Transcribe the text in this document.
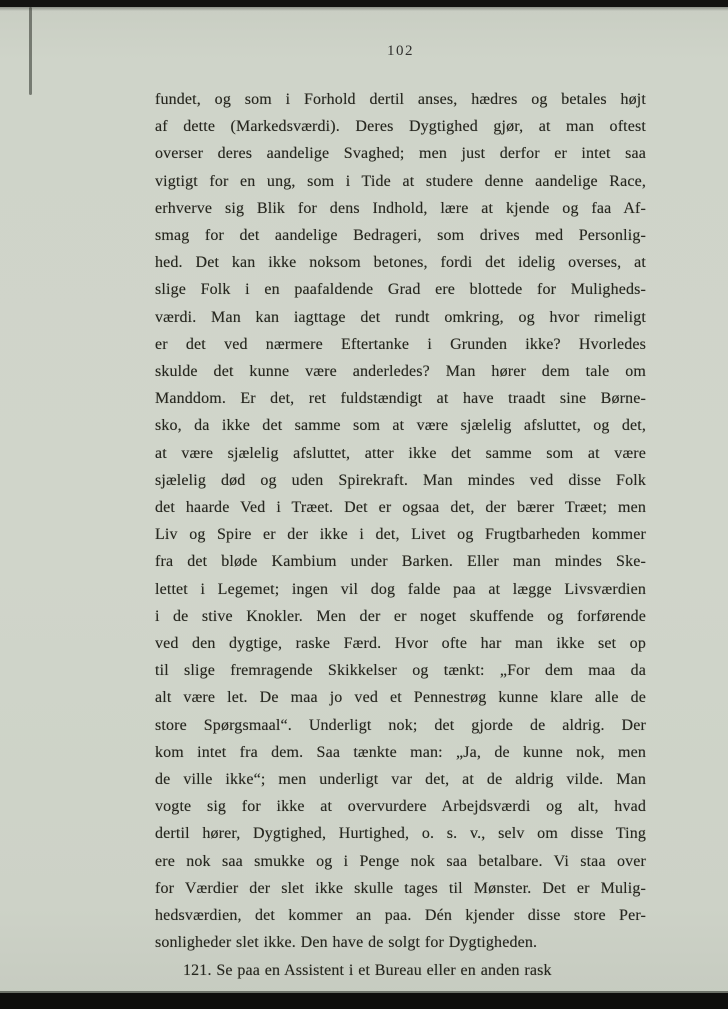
102
fundet, og som i Forhold dertil anses, hædres og betales højt
af dette (Markedsværdi). Deres Dygtighed gjør, at man oftest
overser deres aandelige Svaghed; men just derfor er intet saa
vigtigt for en ung, som i Tide at studere denne aandelige Race,
erhverve sig Blik for dens Indhold, lære at kjende og faa Af-
smag for det aandelige Bedrageri, som drives med Personlig-
hed. Det kan ikke noksom betones, fordi det idelig overses, at
slige Folk i en paafaldende Grad ere blottede for Muligheds-
værdi. Man kan iagttage det rundt omkring, og hvor rimeligt
er det ved nærmere Eftertanke i Grunden ikke? Hvorledes
skulde det kunne være anderledes? Man hører dem tale om
Manddom. Er det, ret fuldstændigt at have traadt sine Børne-
sko, da ikke det samme som at være sjælelig afsluttet, og det,
at være sjælelig afsluttet, atter ikke det samme som at være
sjælelig død og uden Spirekraft. Man mindes ved disse Folk
det haarde Ved i Træet. Det er ogsaa det, der bærer Træet; men
Liv og Spire er der ikke i det, Livet og Frugtbarheden kommer
fra det bløde Kambium under Barken. Eller man mindes Ske-
lettet i Legemet; ingen vil dog falde paa at lægge Livsværdien
i de stive Knokler. Men der er noget skuffende og forførende
ved den dygtige, raske Færd. Hvor ofte har man ikke set op
til slige fremragende Skikkelser og tænkt: „For dem maa da
alt være let. De maa jo ved et Pennestrøg kunne klare alle de
store Spørgsmaal“. Underligt nok; det gjorde de aldrig. Der
kom intet fra dem. Saa tænkte man: „Ja, de kunne nok, men
de ville ikke“; men underligt var det, at de aldrig vilde. Man
vogte sig for ikke at overvurdere Arbejdsværdi og alt, hvad
dertil hører, Dygtighed, Hurtighed, o. s. v., selv om disse Ting
ere nok saa smukke og i Penge nok saa betalbare. Vi staa over
for Værdier der slet ikke skulle tages til Mønster. Det er Mulig-
hedsværdien, det kommer an paa. Dén kjender disse store Per-
sonligheder slet ikke. Den have de solgt for Dygtigheden.
121. Se paa en Assistent i et Bureau eller en anden rask
